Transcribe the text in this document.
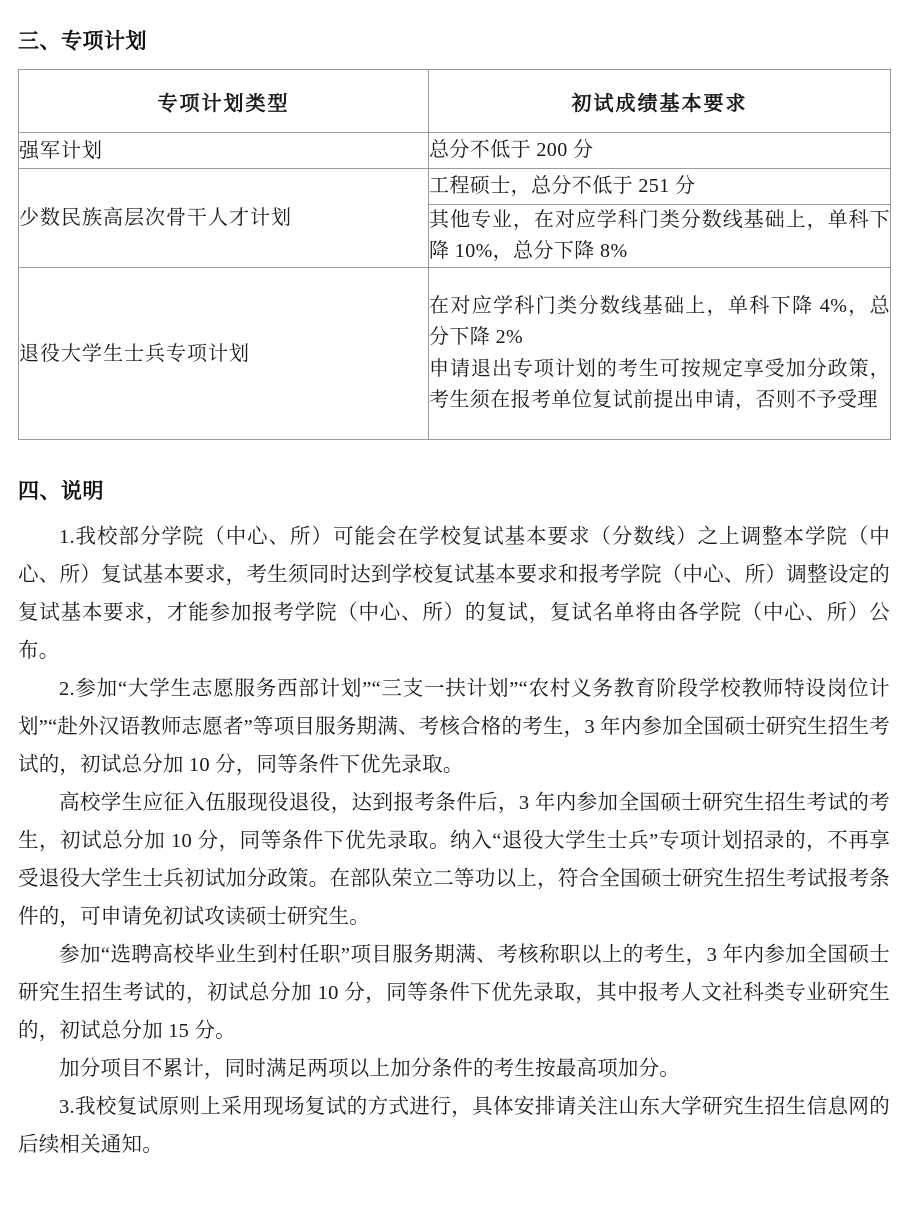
三、专项计划
专项计划类型	初试成绩基本要求
强军计划	总分不低于 200 分
少数民族高层次骨干人才计划	工程硕士，总分不低于 251 分
	其他专业，在对应学科门类分数线基础上，单科下降 10%，总分下降 8%
退役大学生士兵专项计划	在对应学科门类分数线基础上，单科下降 4%，总分下降 2%

申请退出专项计划的考生可按规定享受加分政策，考生须在报考单位复试前提出申请，否则不予受理

四、说明

1.我校部分学院（中心、所）可能会在学校复试基本要求（分数线）之上调整本学院（中心、所）复试基本要求，考生须同时达到学校复试基本要求和报考学院（中心、所）调整设定的复试基本要求，才能参加报考学院（中心、所）的复试，复试名单将由各学院（中心、所）公布。

2.参加“大学生志愿服务西部计划”“三支一扶计划”“农村义务教育阶段学校教师特设岗位计划”“赴外汉语教师志愿者”等项目服务期满、考核合格的考生，3 年内参加全国硕士研究生招生考试的，初试总分加 10 分，同等条件下优先录取。

高校学生应征入伍服现役退役，达到报考条件后，3 年内参加全国硕士研究生招生考试的考生，初试总分加 10 分，同等条件下优先录取。纳入“退役大学生士兵”专项计划招录的，不再享受退役大学生士兵初试加分政策。在部队荣立二等功以上，符合全国硕士研究生招生考试报考条件的，可申请免初试攻读硕士研究生。

参加“选聘高校毕业生到村任职”项目服务期满、考核称职以上的考生，3 年内参加全国硕士研究生招生考试的，初试总分加 10 分，同等条件下优先录取，其中报考人文社科类专业研究生的，初试总分加 15 分。

加分项目不累计，同时满足两项以上加分条件的考生按最高项加分。

3.我校复试原则上采用现场复试的方式进行，具体安排请关注山东大学研究生招生信息网的后续相关通知。
